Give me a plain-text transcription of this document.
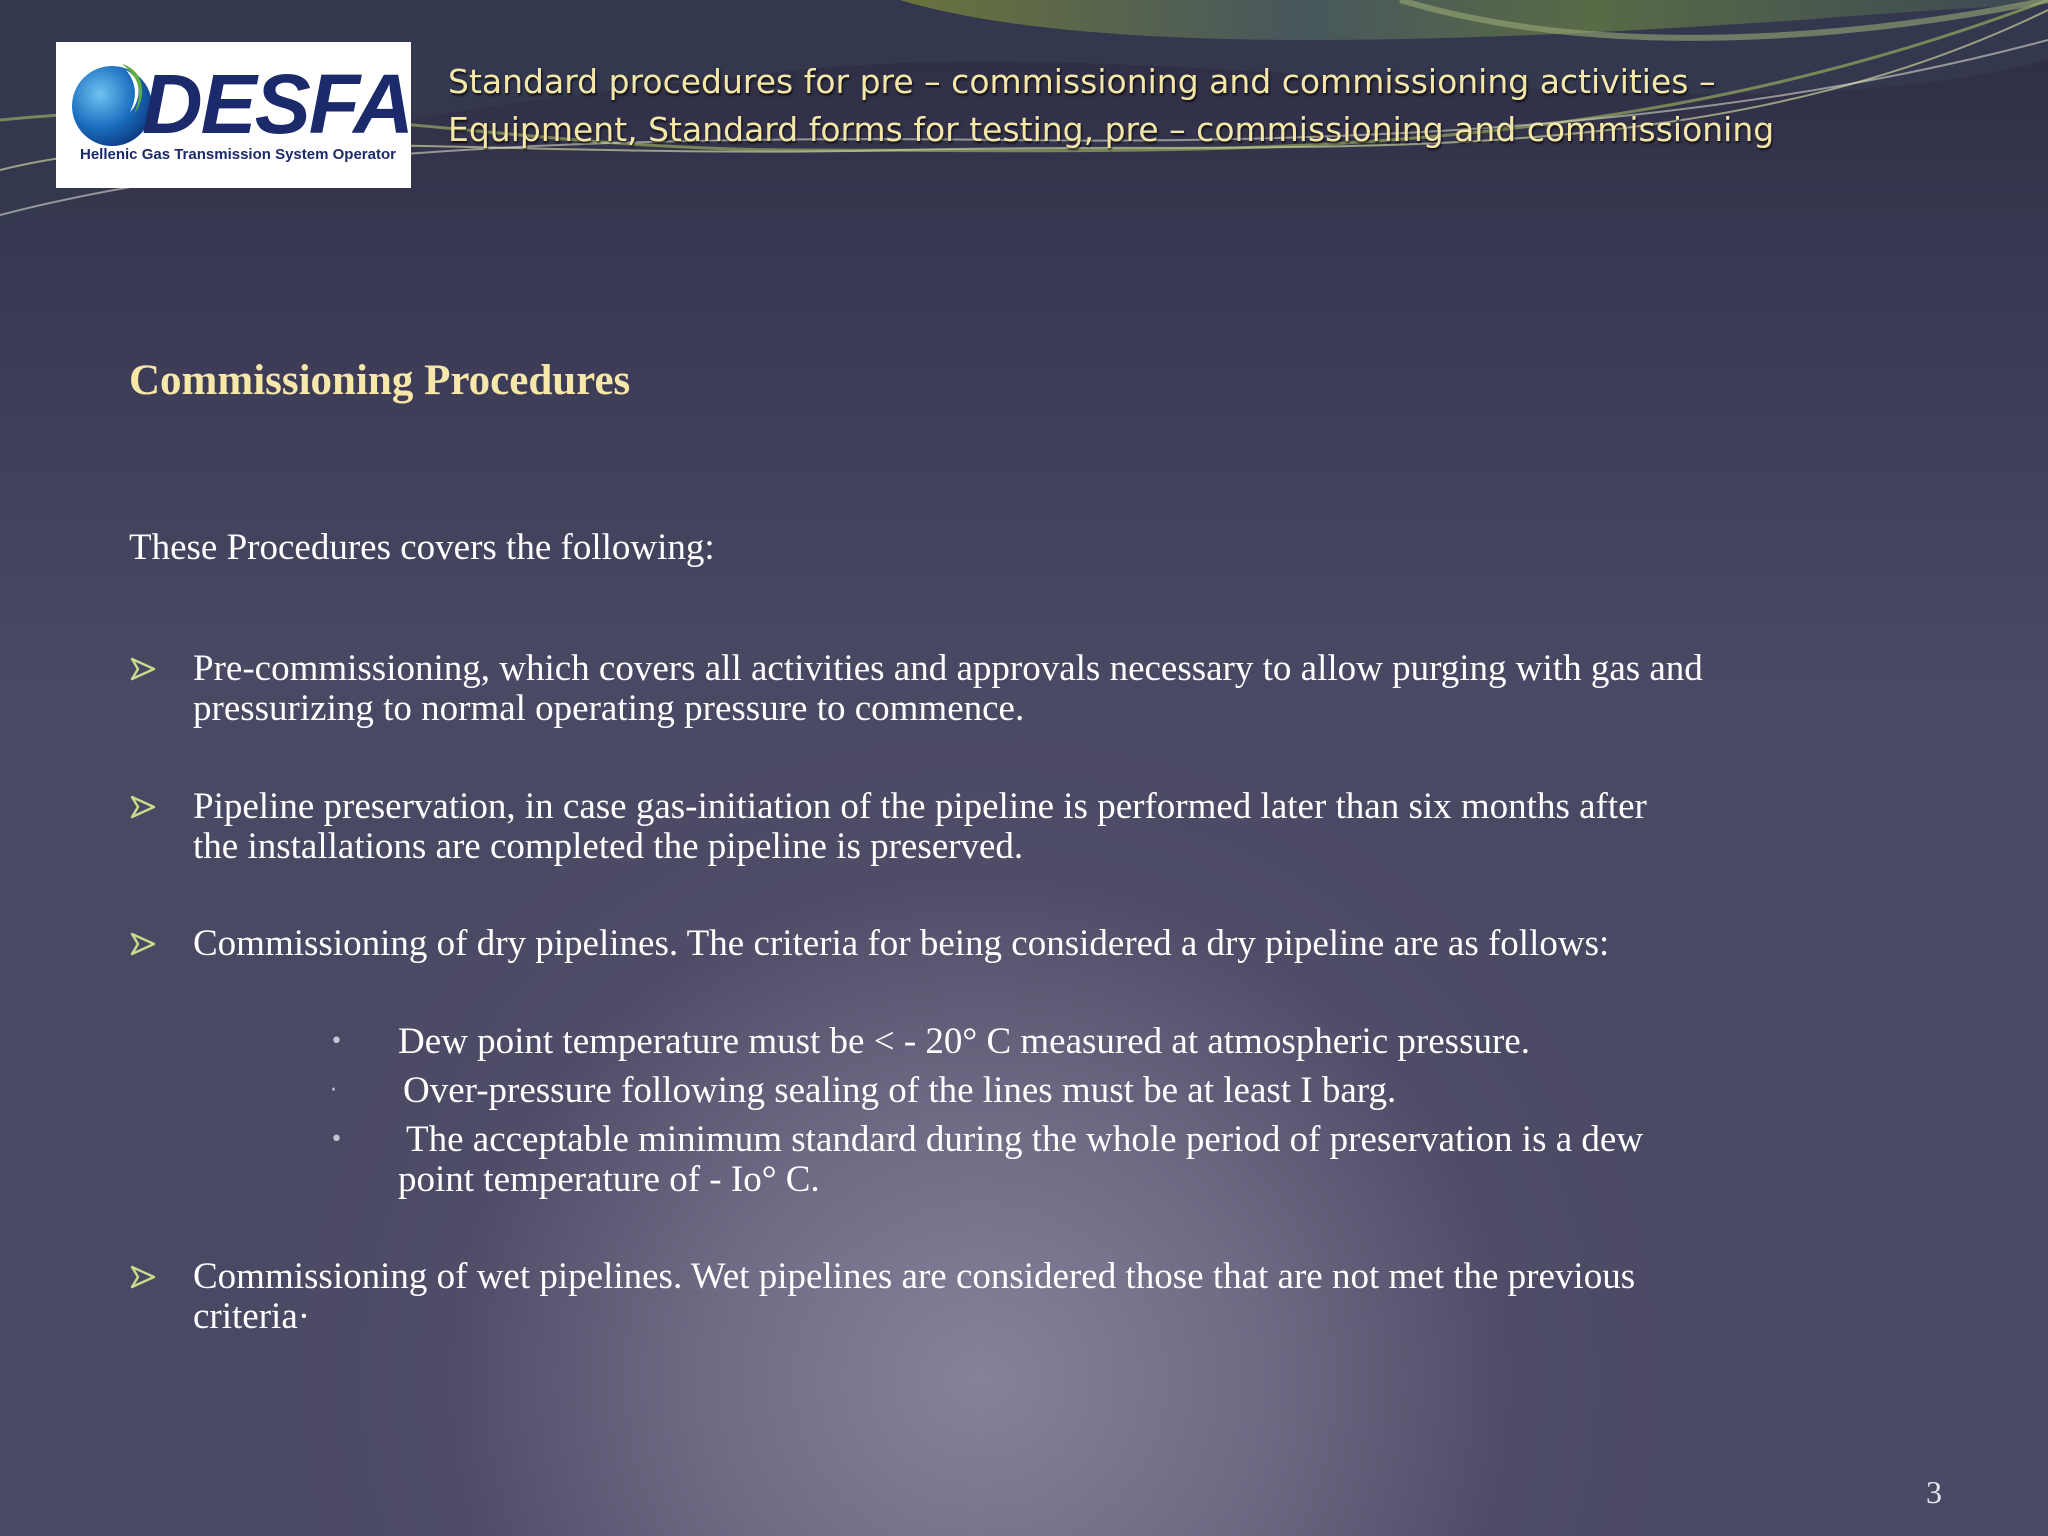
DESFA
Hellenic Gas Transmission System Operator
Standard procedures for pre – commissioning and commissioning activities –
Equipment, Standard forms for testing, pre – commissioning and commissioning
Commissioning Procedures
These Procedures covers the following:
Pre-commissioning, which covers all activities and approvals necessary to allow purging with gas and
pressurizing to normal operating pressure to commence.
Pipeline preservation, in case gas-initiation of the pipeline is performed later than six months after
the installations are completed the pipeline is preserved.
Commissioning of dry pipelines. The criteria for being considered a dry pipeline are as follows:
• Dew point temperature must be < - 20° C measured at atmospheric pressure.
· Over-pressure following sealing of the lines must be at least I barg.
• The acceptable minimum standard during the whole period of preservation is a dew
point temperature of - Io° C.
Commissioning of wet pipelines. Wet pipelines are considered those that are not met the previous
criteria·
3
